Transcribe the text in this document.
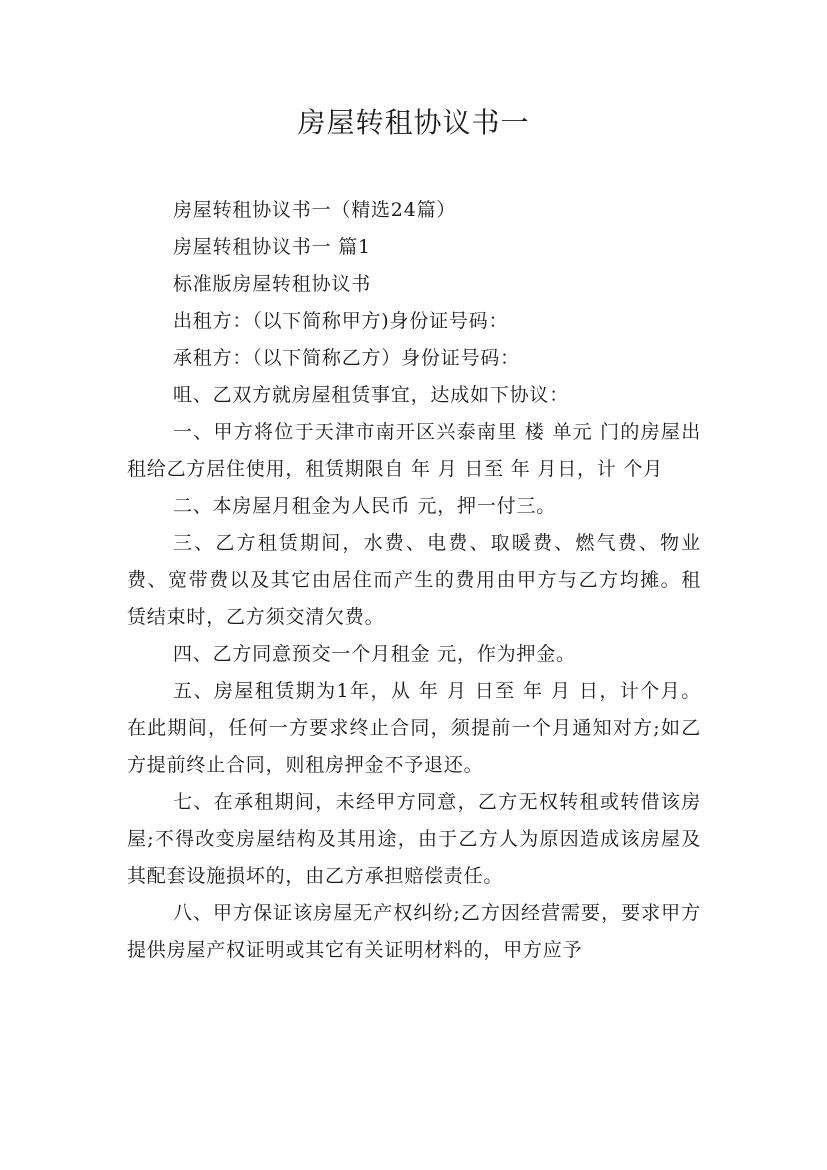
房屋转租协议书一

房屋转租协议书一（精选24篇）

房屋转租协议书一 篇1

标准版房屋转租协议书

出租方：（以下简称甲方)身份证号码：

承租方：（以下简称乙方）身份证号码：

咀、乙双方就房屋租赁事宜，达成如下协议：

一、甲方将位于天津市南开区兴泰南里 楼 单元 门的房屋出租给乙方居住使用，租赁期限自 年 月 日至 年 月日，计 个月

二、本房屋月租金为人民币 元，押一付三。

三、乙方租赁期间，水费、电费、取暖费、燃气费、物业费、宽带费以及其它由居住而产生的费用由甲方与乙方均摊。租赁结束时，乙方须交清欠费。

四、乙方同意预交一个月租金 元，作为押金。

五、房屋租赁期为1年，从 年 月 日至 年 月 日，计个月。在此期间，任何一方要求终止合同，须提前一个月通知对方;如乙方提前终止合同，则租房押金不予退还。

七、在承租期间，未经甲方同意，乙方无权转租或转借该房屋;不得改变房屋结构及其用途，由于乙方人为原因造成该房屋及其配套设施损坏的，由乙方承担赔偿责任。

八、甲方保证该房屋无产权纠纷;乙方因经营需要，要求甲方提供房屋产权证明或其它有关证明材料的，甲方应予
